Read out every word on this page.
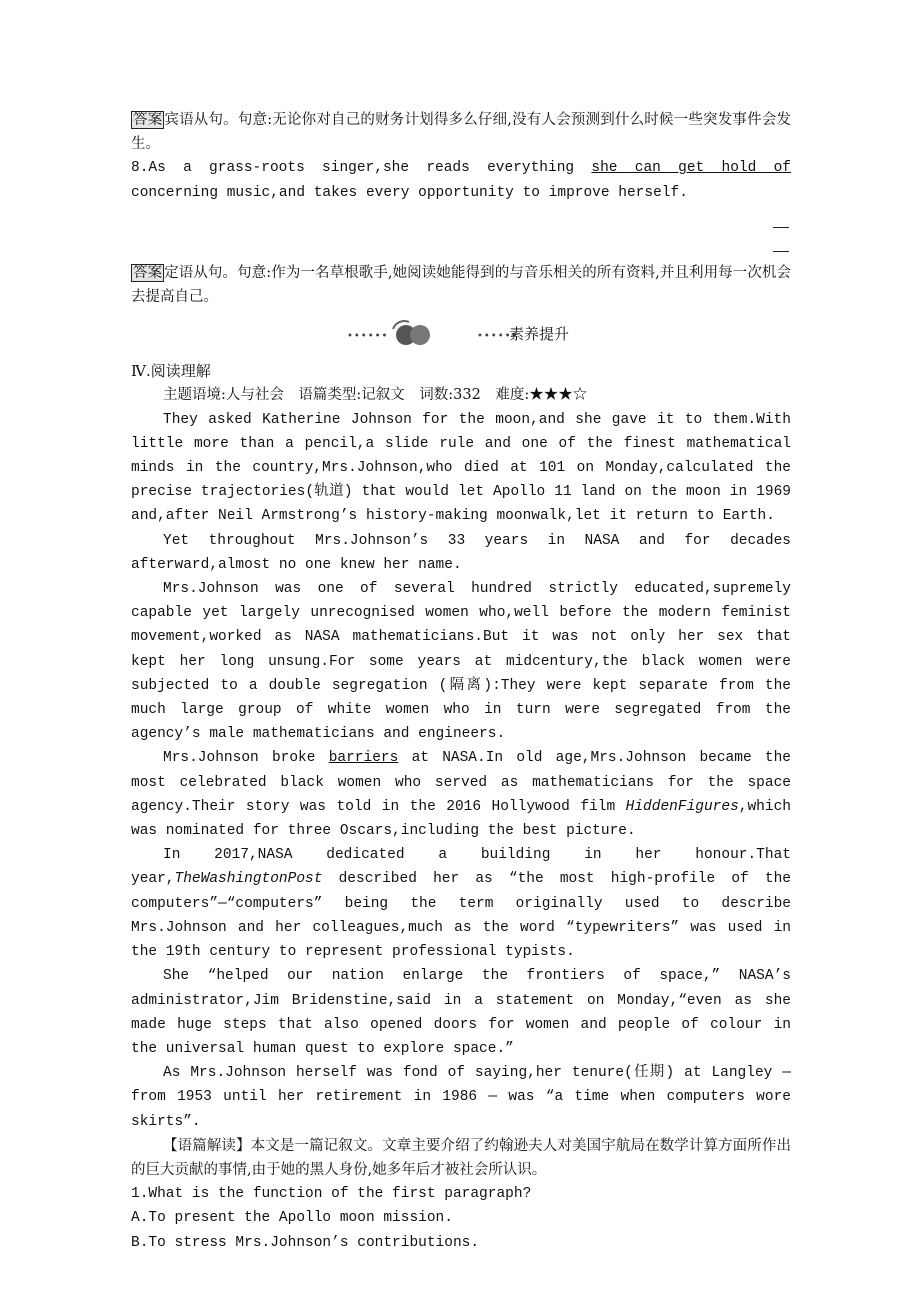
答案 宾语从句。句意:无论你对自己的财务计划得多么仔细,没有人会预测到什么时候一些突发事件会发生。

8.As a grass-roots singer,she reads everything she can get hold of concerning music,and takes every opportunity to improve herself.

答案 定语从句。句意:作为一名草根歌手,她阅读她能得到的与音乐相关的所有资料,并且利用每一次机会去提高自己。

••••••	••••••
素养提升

Ⅳ.阅读理解

主题语境:人与社会　语篇类型:记叙文　词数:332　难度:★★★☆

They asked Katherine Johnson for the moon,and she gave it to them.With little more than a pencil,a slide rule and one of the finest mathematical minds in the country,Mrs.Johnson,who died at 101 on Monday,calculated the precise trajectories(轨道) that would let Apollo 11 land on the moon in 1969 and,after Neil Armstrong’s history-making moonwalk,let it return to Earth.

Yet throughout Mrs.Johnson’s 33 years in NASA and for decades afterward,almost no one knew her name.

Mrs.Johnson was one of several hundred strictly educated,supremely capable yet largely unrecognised women who,well before the modern feminist movement,worked as NASA mathematicians.But it was not only her sex that kept her long unsung.For some years at midcentury,the black women were subjected to a double segregation (隔离):They were kept separate from the much large group of white women who in turn were segregated from the agency’s male mathematicians and engineers.

Mrs.Johnson broke barriers at NASA.In old age,Mrs.Johnson became the most celebrated black women who served as mathematicians for the space agency.Their story was told in the 2016 Hollywood film HiddenFigures,which was nominated for three Oscars,including the best picture.

In 2017,NASA dedicated a building in her honour.That year,TheWashingtonPost described her as “the most high-profile of the computers”—“computers” being the term originally used to describe Mrs.Johnson and her colleagues,much as the word “typewriters” was used in the 19th century to represent professional typists.

She “helped our nation enlarge the frontiers of space,” NASA’s administrator,Jim Bridenstine,said in a statement on Monday,“even as she made huge steps that also opened doors for women and people of colour in the universal human quest to explore space.”

As Mrs.Johnson herself was fond of saying,her tenure(任期) at Langley — from 1953 until her retirement in 1986 — was “a time when computers wore skirts”.

【语篇解读】本文是一篇记叙文。文章主要介绍了约翰逊夫人对美国宇航局在数学计算方面所作出的巨大贡献的事情,由于她的黑人身份,她多年后才被社会所认识。

1.What is the function of the first paragraph?

A.To present the Apollo moon mission.

B.To stress Mrs.Johnson’s contributions.
